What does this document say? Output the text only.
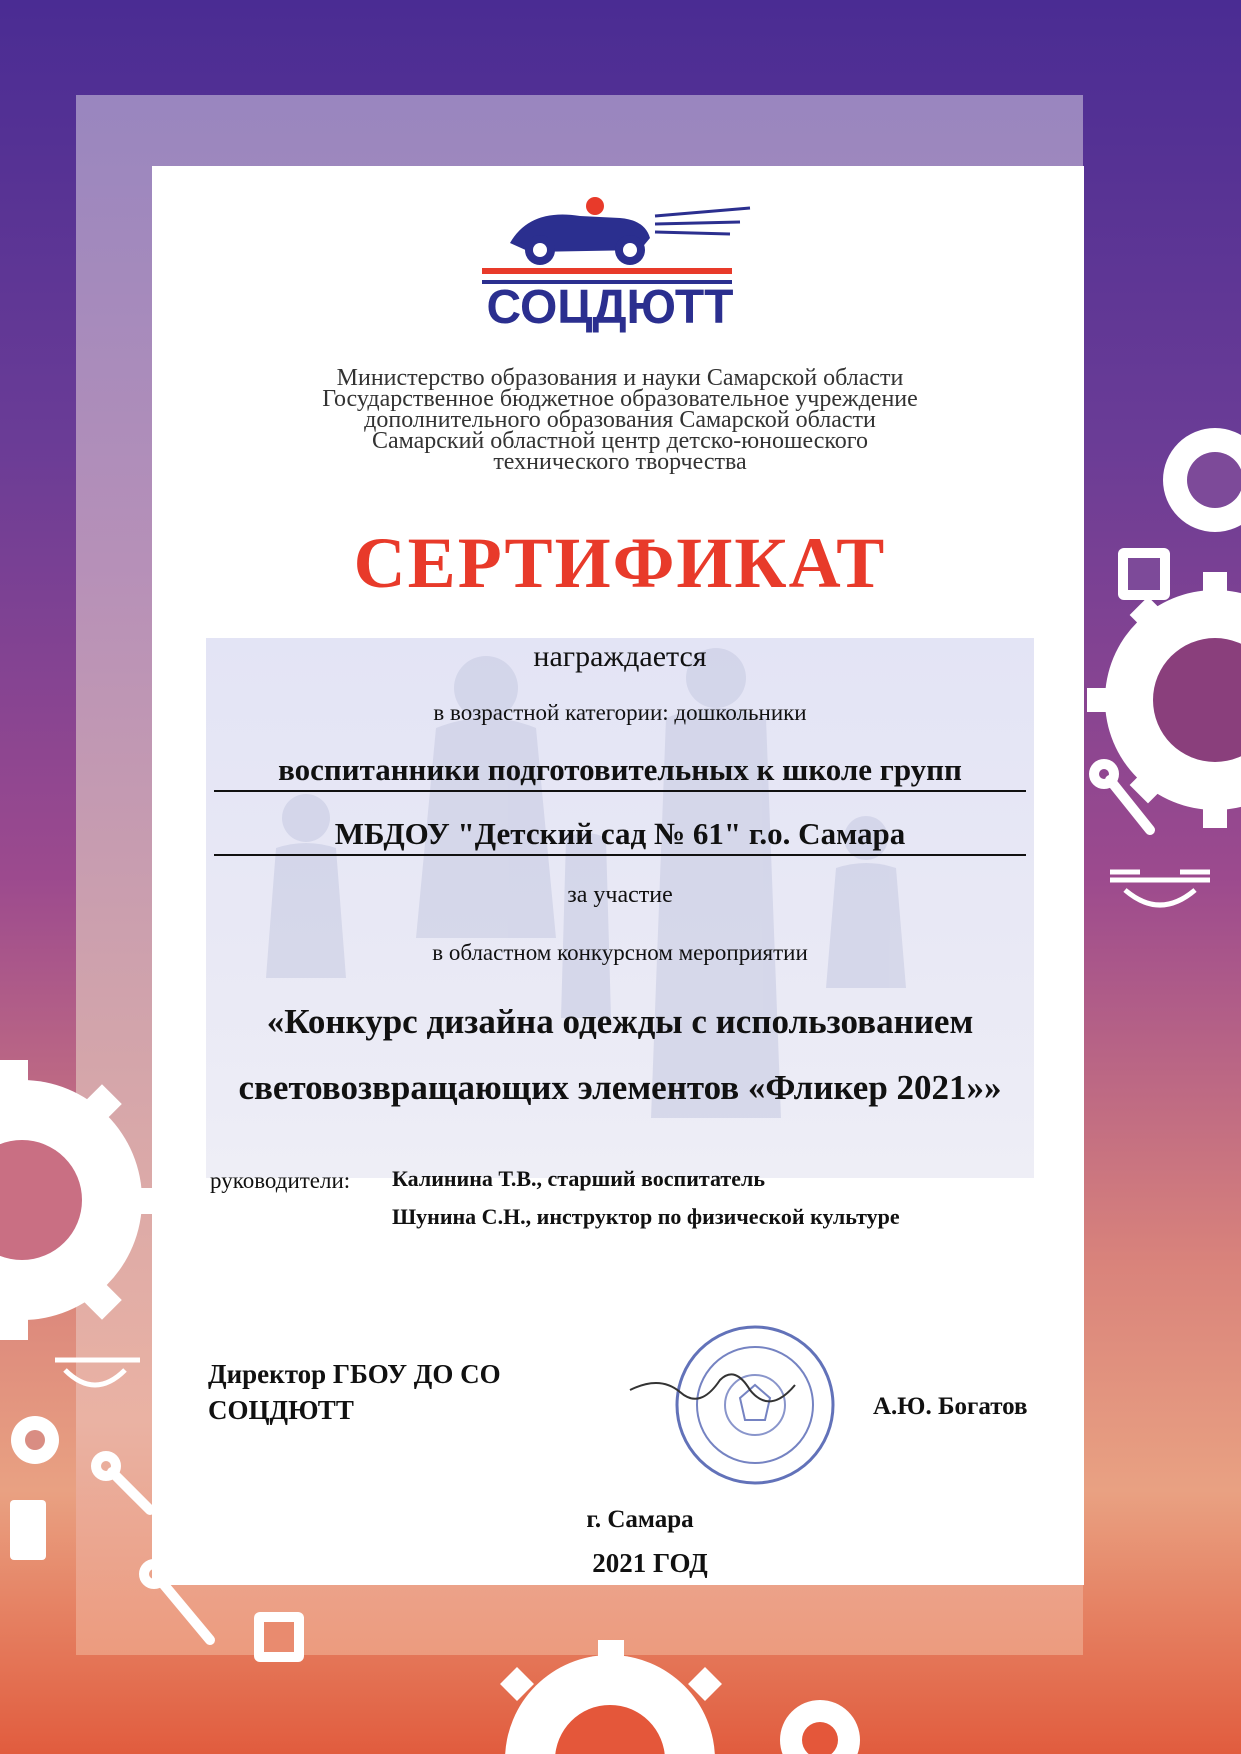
СОЦДЮТТ
Министерство образования и науки Самарской области
Государственное бюджетное образовательное учреждение
дополнительного образования Самарской области
Самарский областной центр детско-юношеского
технического творчества
СЕРТИФИКАТ
награждается
в возрастной категории: дошкольники
воспитанники подготовительных к школе групп
МБДОУ "Детский сад № 61" г.о. Самара
за участие
в областном конкурсном мероприятии
«Конкурс дизайна одежды с использованием
световозвращающих элементов «Фликер 2021»»
руководители: Калинина Т.В., старший воспитатель
Шунина С.Н., инструктор по физической культуре
Директор ГБОУ ДО СО
СОЦДЮТТ	А.Ю. Богатов
г. Самара
2021 ГОД
